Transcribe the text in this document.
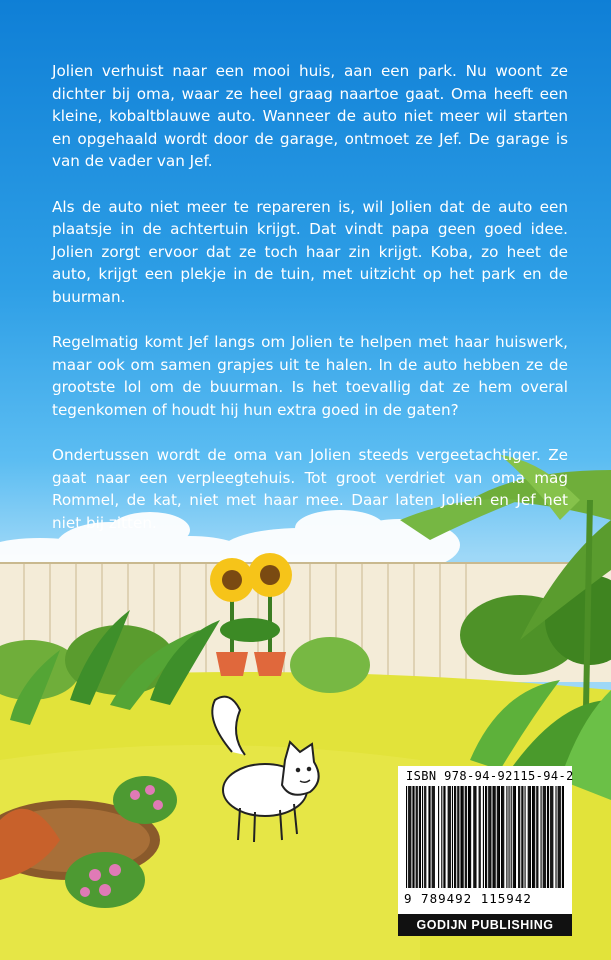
Jolien verhuist naar een mooi huis, aan een park. Nu woont ze dichter bij oma, waar ze heel graag naartoe gaat. Oma heeft een kleine, kobaltblauwe auto. Wanneer de auto niet meer wil starten en opgehaald wordt door de garage, ontmoet ze Jef. De garage is van de vader van Jef.

Als de auto niet meer te repareren is, wil Jolien dat de auto een plaatsje in de achtertuin krijgt. Dat vindt papa geen goed idee. Jolien zorgt ervoor dat ze toch haar zin krijgt. Koba, zo heet de auto, krijgt een plekje in de tuin, met uitzicht op het park en de buurman.

Regelmatig komt Jef langs om Jolien te helpen met haar huiswerk, maar ook om samen grapjes uit te halen. In de auto hebben ze de grootste lol om de buurman. Is het toevallig dat ze hem overal tegenkomen of houdt hij hun extra goed in de gaten?

Ondertussen wordt de oma van Jolien steeds vergeetachtiger. Ze gaat naar een verpleegtehuis. Tot groot verdriet van oma mag Rommel, de kat, niet met haar mee. Daar laten Jolien en Jef het niet bij zitten.

ISBN 978-94-92115-94-2
9 789492 115942
GODIJN PUBLISHING
